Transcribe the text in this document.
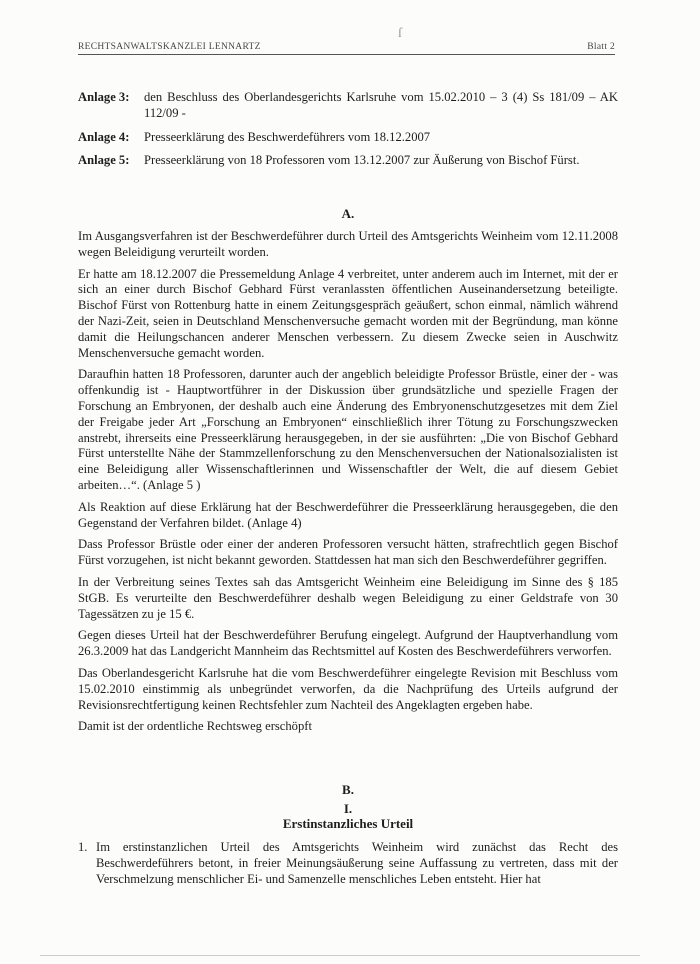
RECHTSANWALTSKANZLEI LENNARTZ	Blatt 2
ſ
Anlage 3:	den Beschluss des Oberlandesgerichts Karlsruhe vom 15.02.2010 – 3 (4) Ss 181/09 – AK 112/09 -
Anlage 4:	Presseerklärung des Beschwerdeführers vom 18.12.2007
Anlage 5:	Presseerklärung von 18 Professoren vom 13.12.2007 zur Äußerung von Bischof Fürst.
A.

Im Ausgangsverfahren ist der Beschwerdeführer durch Urteil des Amtsgerichts Weinheim vom 12.11.2008 wegen Beleidigung verurteilt worden.

Er hatte am 18.12.2007 die Pressemeldung Anlage 4 verbreitet, unter anderem auch im Internet, mit der er sich an einer durch Bischof Gebhard Fürst veranlassten öffentlichen Auseinandersetzung beteiligte. Bischof Fürst von Rottenburg hatte in einem Zeitungsgespräch geäußert, schon einmal, nämlich während der Nazi-Zeit, seien in Deutschland Menschenversuche gemacht worden mit der Begründung, man könne damit die Heilungschancen anderer Menschen verbessern. Zu diesem Zwecke seien in Auschwitz Menschenversuche gemacht worden.

Daraufhin hatten 18 Professoren, darunter auch der angeblich beleidigte Professor Brüstle, einer der - was offenkundig ist - Hauptwortführer in der Diskussion über grundsätzliche und spezielle Fragen der Forschung an Embryonen, der deshalb auch eine Änderung des Embryonenschutzgesetzes mit dem Ziel der Freigabe jeder Art „Forschung an Embryonen“ einschließlich ihrer Tötung zu Forschungszwecken anstrebt, ihrerseits eine Presseerklärung herausgegeben, in der sie ausführten: „Die von Bischof Gebhard Fürst unterstellte Nähe der Stammzellenforschung zu den Menschenversuchen der Nationalsozialisten ist eine Beleidigung aller Wissenschaftlerinnen und Wissenschaftler der Welt, die auf diesem Gebiet arbeiten…“. (Anlage 5 )

Als Reaktion auf diese Erklärung hat der Beschwerdeführer die Presseerklärung herausgegeben, die den Gegenstand der Verfahren bildet. (Anlage 4)

Dass Professor Brüstle oder einer der anderen Professoren versucht hätten, strafrechtlich gegen Bischof Fürst vorzugehen, ist nicht bekannt geworden. Stattdessen hat man sich den Beschwerdeführer gegriffen.

In der Verbreitung seines Textes sah das Amtsgericht Weinheim eine Beleidigung im Sinne des § 185 StGB. Es verurteilte den Beschwerdeführer deshalb wegen Beleidigung zu einer Geldstrafe von 30 Tagessätzen zu je 15 €.

Gegen dieses Urteil hat der Beschwerdeführer Berufung eingelegt. Aufgrund der Hauptverhandlung vom 26.3.2009 hat das Landgericht Mannheim das Rechtsmittel auf Kosten des Beschwerdeführers verworfen.

Das Oberlandesgericht Karlsruhe hat die vom Beschwerdeführer eingelegte Revision mit Beschluss vom 15.02.2010 einstimmig als unbegründet verworfen, da die Nachprüfung des Urteils aufgrund der Revisionsrechtfertigung keinen Rechtsfehler zum Nachteil des Angeklagten ergeben habe.

Damit ist der ordentliche Rechtsweg erschöpft

B.
I.
Erstinstanzliches Urteil
1. Im erstinstanzlichen Urteil des Amtsgerichts Weinheim wird zunächst das Recht des Beschwerdeführers betont, in freier Meinungsäußerung seine Auffassung zu vertreten, dass mit der Verschmelzung menschlicher Ei- und Samenzelle menschliches Leben entsteht. Hier hat
